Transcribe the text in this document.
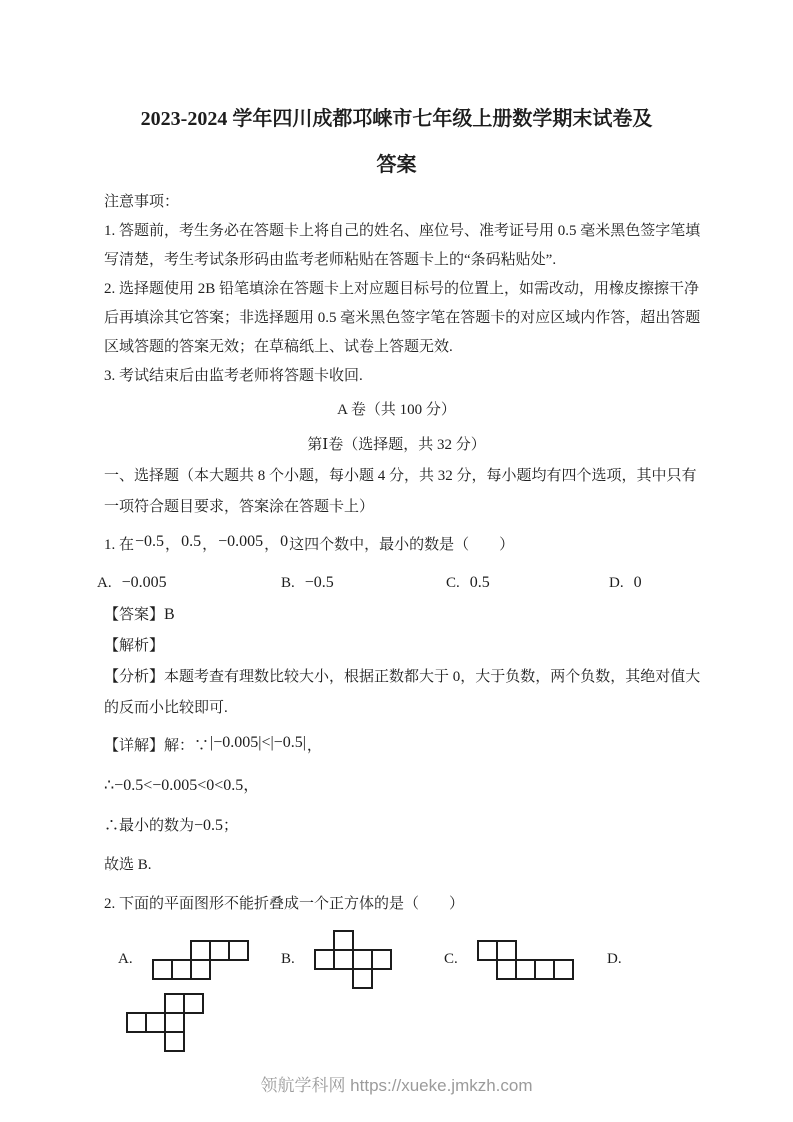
2023-2024 学年四川成都邛崃市七年级上册数学期末试卷及
答案
注意事项：
1. 答题前，考生务必在答题卡上将自己的姓名、座位号、准考证号用 0.5 毫米黑色签字笔填
写清楚，考生考试条形码由监考老师粘贴在答题卡上的“条码粘贴处”.
2. 选择题使用 2B 铅笔填涂在答题卡上对应题目标号的位置上，如需改动，用橡皮擦擦干净
后再填涂其它答案；非选择题用 0.5 毫米黑色签字笔在答题卡的对应区域内作答，超出答题
区域答题的答案无效；在草稿纸上、试卷上答题无效.
3. 考试结束后由监考老师将答题卡收回.
A 卷（共 100 分）
第Ⅰ卷（选择题，共 32 分）
一、选择题（本大题共 8 个小题，每小题 4 分，共 32 分，每小题均有四个选项，其中只有
一项符合题目要求，答案涂在答题卡上）
1. 在−0.5，0.5，−0.005，0这四个数中，最小的数是（　　）
A. −0.005	B. −0.5	C. 0.5	D. 0
【答案】B
【解析】
【分析】本题考查有理数比较大小，根据正数都大于 0，大于负数，两个负数，其绝对值大
的反而小比较即可.
【详解】解：∵|−0.005|<|−0.5|，
∴−0.5<−0.005<0<0.5，
∴最小的数为−0.5；
故选 B.
2. 下面的平面图形不能折叠成一个正方体的是（　　）
A.	B.	C.	D.
领航学科网 https://xueke.jmkzh.com
